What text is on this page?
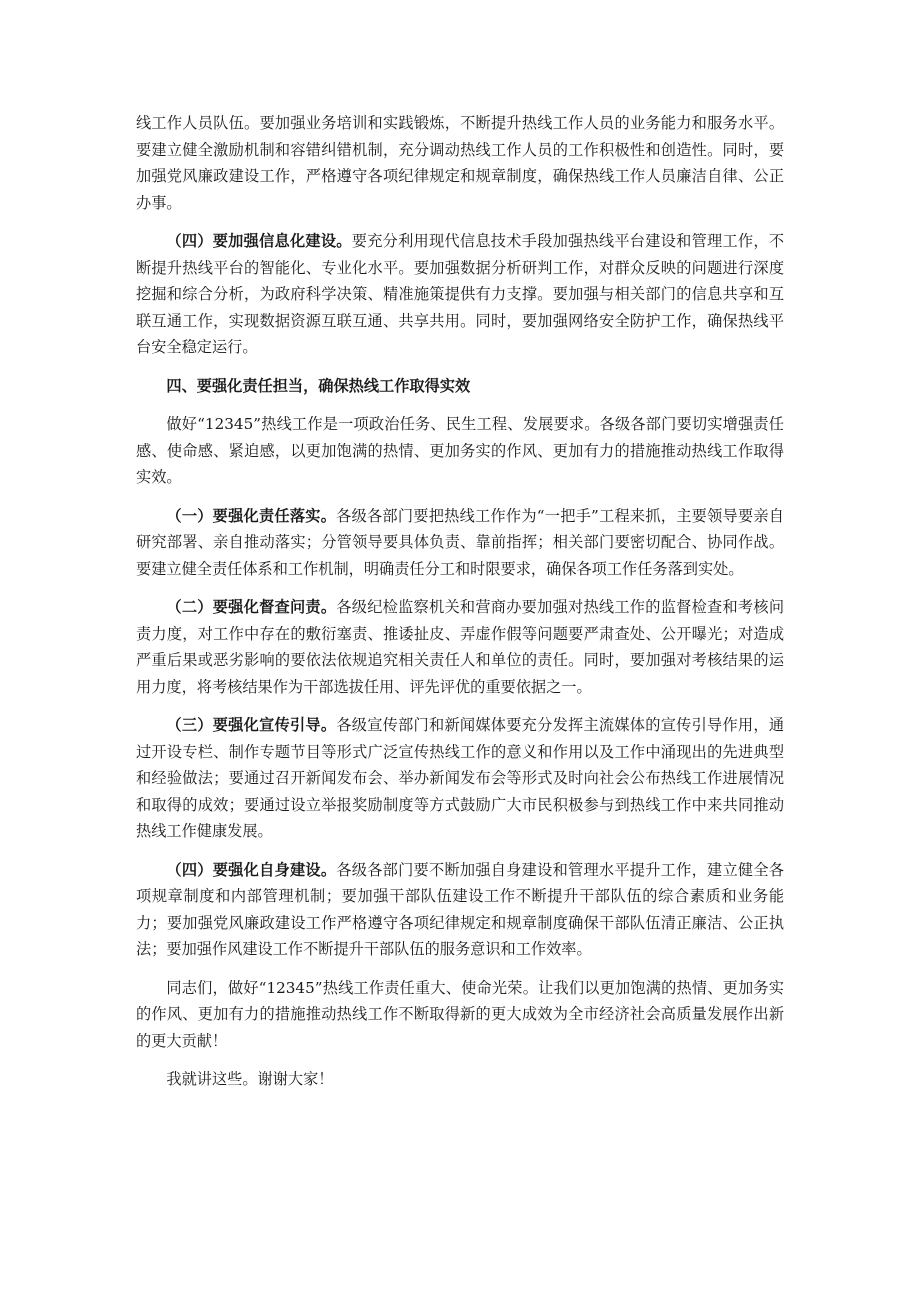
线工作人员队伍。要加强业务培训和实践锻炼，不断提升热线工作人员的业务能力和服务水平。要建立健全激励机制和容错纠错机制，充分调动热线工作人员的工作积极性和创造性。同时，要加强党风廉政建设工作，严格遵守各项纪律规定和规章制度，确保热线工作人员廉洁自律、公正办事。

（四）要加强信息化建设。要充分利用现代信息技术手段加强热线平台建设和管理工作，不断提升热线平台的智能化、专业化水平。要加强数据分析研判工作，对群众反映的问题进行深度挖掘和综合分析，为政府科学决策、精准施策提供有力支撑。要加强与相关部门的信息共享和互联互通工作，实现数据资源互联互通、共享共用。同时，要加强网络安全防护工作，确保热线平台安全稳定运行。

四、要强化责任担当，确保热线工作取得实效

做好“12345”热线工作是一项政治任务、民生工程、发展要求。各级各部门要切实增强责任感、使命感、紧迫感，以更加饱满的热情、更加务实的作风、更加有力的措施推动热线工作取得实效。

（一）要强化责任落实。各级各部门要把热线工作作为“一把手”工程来抓，主要领导要亲自研究部署、亲自推动落实；分管领导要具体负责、靠前指挥；相关部门要密切配合、协同作战。要建立健全责任体系和工作机制，明确责任分工和时限要求，确保各项工作任务落到实处。

（二）要强化督查问责。各级纪检监察机关和营商办要加强对热线工作的监督检查和考核问责力度，对工作中存在的敷衍塞责、推诿扯皮、弄虚作假等问题要严肃查处、公开曝光；对造成严重后果或恶劣影响的要依法依规追究相关责任人和单位的责任。同时，要加强对考核结果的运用力度，将考核结果作为干部选拔任用、评先评优的重要依据之一。

（三）要强化宣传引导。各级宣传部门和新闻媒体要充分发挥主流媒体的宣传引导作用，通过开设专栏、制作专题节目等形式广泛宣传热线工作的意义和作用以及工作中涌现出的先进典型和经验做法；要通过召开新闻发布会、举办新闻发布会等形式及时向社会公布热线工作进展情况和取得的成效；要通过设立举报奖励制度等方式鼓励广大市民积极参与到热线工作中来共同推动热线工作健康发展。

（四）要强化自身建设。各级各部门要不断加强自身建设和管理水平提升工作，建立健全各项规章制度和内部管理机制；要加强干部队伍建设工作不断提升干部队伍的综合素质和业务能力；要加强党风廉政建设工作严格遵守各项纪律规定和规章制度确保干部队伍清正廉洁、公正执法；要加强作风建设工作不断提升干部队伍的服务意识和工作效率。

同志们，做好“12345”热线工作责任重大、使命光荣。让我们以更加饱满的热情、更加务实的作风、更加有力的措施推动热线工作不断取得新的更大成效为全市经济社会高质量发展作出新的更大贡献！

我就讲这些。谢谢大家！
